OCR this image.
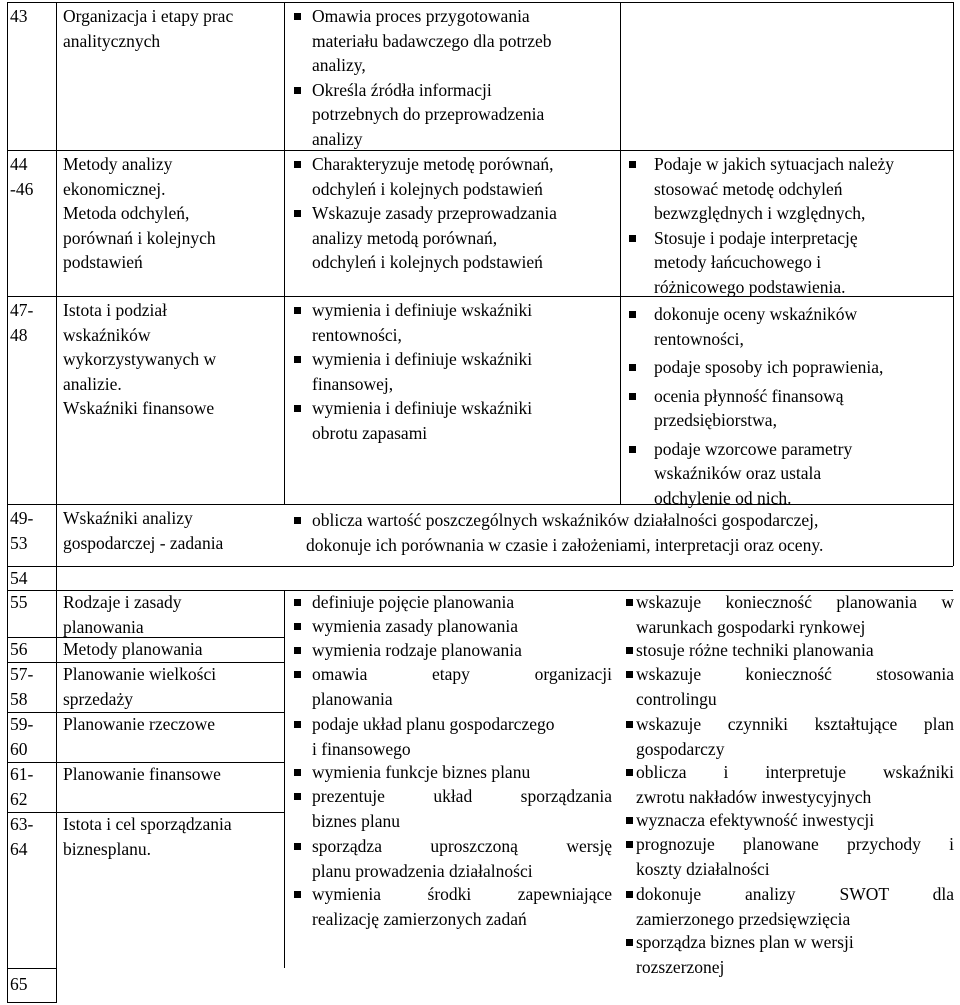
43 Organizacja i etapy prac
analitycznych
44
-46
Metody analizy
ekonomicznej.
Metoda odchyleń,
porównań i kolejnych
podstawień
47-
48
Istota i podział
wskaźników
wykorzystywanych w
analizie.
Wskaźniki finansowe
49-
53
Wskaźniki analizy
gospodarczej - zadania
54
55 Rodzaje i zasady
planowania
56 Metody planowania
57-
58
Planowanie wielkości
sprzedaży
59-
60
Planowanie rzeczowe
61-
62
Planowanie finansowe
63-
64
Istota i cel sporządzania
biznesplanu.
65
Omawia proces przygotowania
materiału badawczego dla potrzeb
analizy,
Określa źródła informacji
potrzebnych do przeprowadzenia
analizy
Charakteryzuje metodę porównań,
odchyleń i kolejnych podstawień
Wskazuje zasady przeprowadzania
analizy metodą porównań,
odchyleń i kolejnych podstawień
Podaje w jakich sytuacjach należy
stosować metodę odchyleń
bezwzględnych i względnych,
Stosuje i podaje interpretację
metody łańcuchowego i
różnicowego podstawienia.
wymienia i definiuje wskaźniki
rentowności,
wymienia i definiuje wskaźniki
finansowej,
wymienia i definiuje wskaźniki
obrotu zapasami
dokonuje oceny wskaźników
rentowności,
podaje sposoby ich poprawienia,
ocenia płynność finansową
przedsiębiorstwa,
podaje wzorcowe parametry
wskaźników oraz ustala
odchylenie od nich.
oblicza wartość poszczególnych wskaźników działalności gospodarczej,
dokonuje ich porównania w czasie i założeniami, interpretacji oraz oceny.
definiuje pojęcie planowania
wymienia zasady planowania
wymienia rodzaje planowania
omawia etapy organizacji
planowania
podaje układ planu gospodarczego
i finansowego
wymienia funkcje biznes planu
prezentuje układ sporządzania
biznes planu
sporządza uproszczoną wersję
planu prowadzenia działalności
wymienia środki zapewniające
realizację zamierzonych zadań
wskazuje konieczność planowania w
warunkach gospodarki rynkowej
stosuje różne techniki planowania
wskazuje konieczność stosowania
controlingu
wskazuje czynniki kształtujące plan
gospodarczy
oblicza i interpretuje wskaźniki
zwrotu nakładów inwestycyjnych
wyznacza efektywność inwestycji
prognozuje planowane przychody i
koszty działalności
dokonuje analizy SWOT dla
zamierzonego przedsięwzięcia
sporządza biznes plan w wersji
rozszerzonej
